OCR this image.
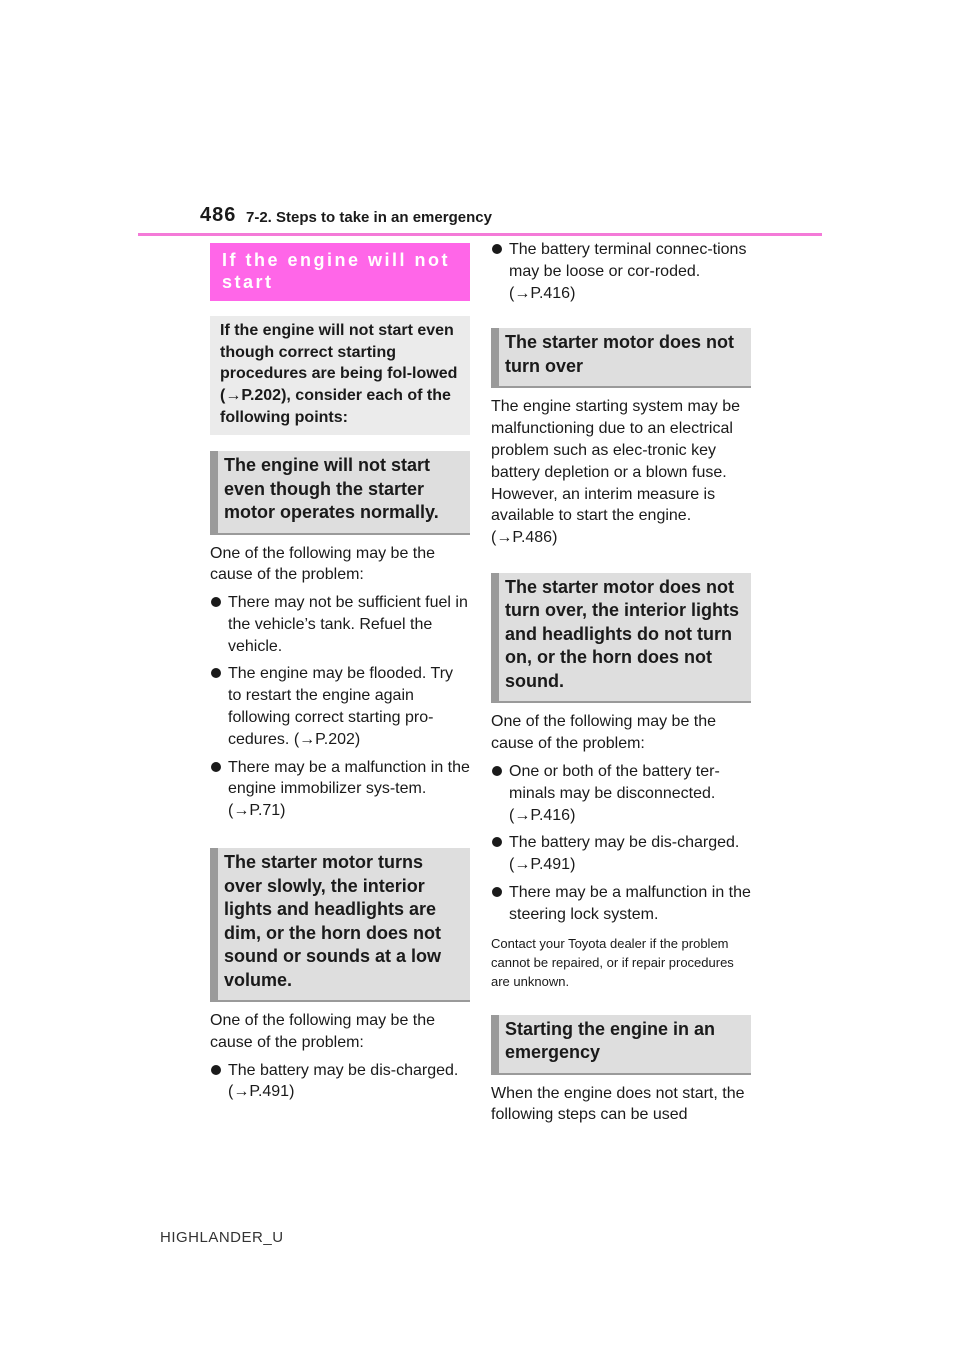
486 7-2. Steps to take in an emergency
If the engine will not start
If the engine will not start even though correct starting procedures are being fol-lowed (→P.202), consider each of the following points:
The engine will not start even though the starter motor operates normally.

One of the following may be the cause of the problem:

There may not be sufficient fuel in the vehicle’s tank. Refuel the vehicle.
The engine may be flooded. Try to restart the engine again following correct starting pro-cedures. (→P.202)
There may be a malfunction in the engine immobilizer sys-tem. (→P.71)
The starter motor turns over slowly, the interior lights and headlights are dim, or the horn does not sound or sounds at a low volume.

One of the following may be the cause of the problem:

The battery may be dis-charged. (→P.491)
The battery terminal connec-tions may be loose or cor-roded. (→P.416)
The starter motor does not turn over

The engine starting system may be malfunctioning due to an electrical problem such as elec-tronic key battery depletion or a blown fuse. However, an interim measure is available to start the engine. (→P.486)

The starter motor does not turn over, the interior lights and headlights do not turn on, or the horn does not sound.

One of the following may be the cause of the problem:

One or both of the battery ter-minals may be disconnected. (→P.416)
The battery may be dis-charged. (→P.491)
There may be a malfunction in the steering lock system.
Contact your Toyota dealer if the problem cannot be repaired, or if repair procedures are unknown.
Starting the engine in an emergency

When the engine does not start, the following steps can be used

HIGHLANDER_U
